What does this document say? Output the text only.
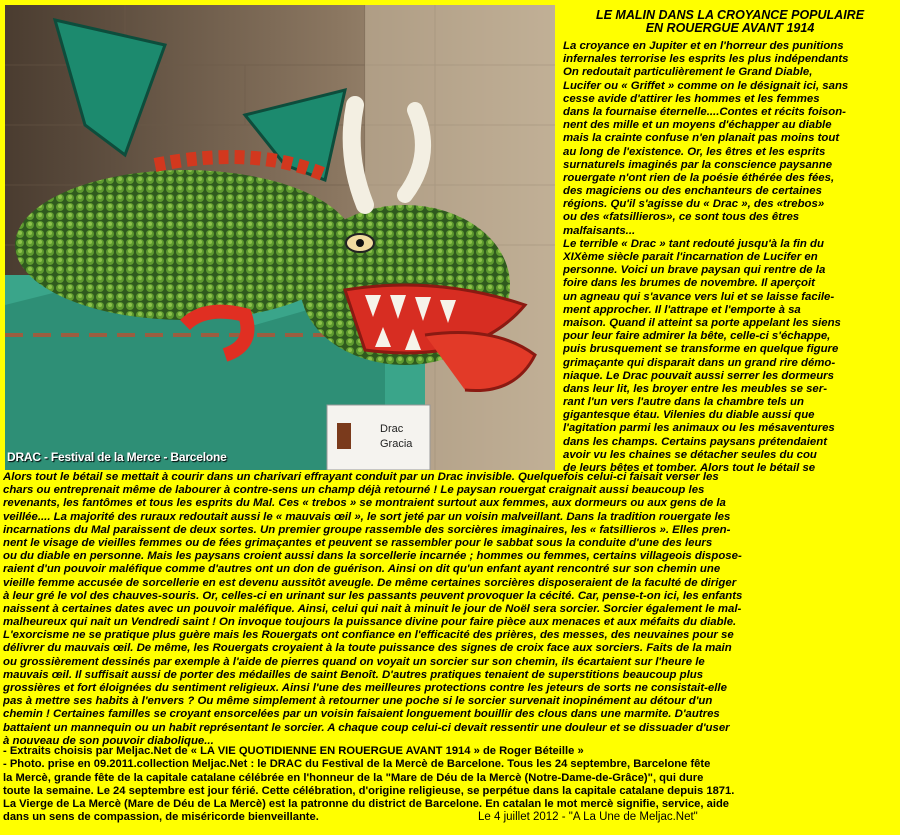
Drac
Gracia
DRAC - Festival de la Merce - Barcelone
LE MALIN DANS LA CROYANCE POPULAIRE
EN ROUERGUE AVANT 1914
La croyance en Jupiter et en l'horreur des punitions
infernales terrorise les esprits les plus indépendants
On redoutait particulièrement le Grand Diable,
Lucifer ou « Griffet » comme on le désignait ici, sans
cesse avide d'attirer les hommes et les femmes
dans la fournaise éternelle....Contes et récits foison-
nent des mille et un moyens d'échapper au diable
mais la crainte confuse n'en planait pas moins tout
au long de l'existence. Or, les êtres et les esprits
surnaturels imaginés par la conscience paysanne
rouergate n'ont rien de la poésie éthérée des fées,
des magiciens ou des enchanteurs de certaines
régions. Qu'il s'agisse du « Drac », des «trebos»
ou des «fatsillieros», ce sont tous des êtres
malfaisants...
Le terrible « Drac » tant redouté jusqu'à la fin du
XIXème siècle parait l'incarnation de Lucifer en
personne. Voici un brave paysan qui rentre de la
foire dans les brumes de novembre. Il aperçoit
un agneau qui s'avance vers lui et se laisse facile-
ment approcher. Il l'attrape et l'emporte à sa
maison. Quand il atteint sa porte appelant les siens
pour leur faire admirer la bête, celle-ci s'échappe,
puis brusquement se transforme en quelque figure
grimaçante qui disparait dans un grand rire démo-
niaque. Le Drac pouvait aussi serrer les dormeurs
dans leur lit, les broyer entre les meubles se ser-
rant l'un vers l'autre dans la chambre tels un
gigantesque étau. Vilenies du diable aussi que
l'agitation parmi les animaux ou les mésaventures
dans les champs. Certains paysans prétendaient
avoir vu les chaines se détacher seules du cou
de leurs bêtes et tomber. Alors tout le bétail se
Alors tout le bétail se mettait à courir dans un charivari effrayant conduit par un Drac invisible. Quelquefois celui-ci faisait verser les
chars ou entreprenait même de labourer à contre-sens un champ déjà retourné ! Le paysan rouergat craignait aussi beaucoup les
revenants, les fantômes et tous les esprits du Mal. Ces « trebos » se montraient surtout aux femmes, aux dormeurs ou aux gens de la
veillée.... La majorité des ruraux redoutait aussi le « mauvais œil », le sort jeté par un voisin malveillant. Dans la tradition rouergate les
incarnations du Mal paraissent de deux sortes. Un premier groupe rassemble des sorcières imaginaires, les « fatsillieros ». Elles pren-
nent le visage de vieilles femmes ou de fées grimaçantes et peuvent se rassembler pour le sabbat sous la conduite d'une des leurs
ou du diable en personne. Mais les paysans croient aussi dans la sorcellerie incarnée ; hommes ou femmes, certains villageois dispose-
raient d'un pouvoir maléfique comme d'autres ont un don de guérison. Ainsi on dit qu'un enfant ayant rencontré sur son chemin une
vieille femme accusée de sorcellerie en est devenu aussitôt aveugle. De même certaines sorcières disposeraient de la faculté de diriger
à leur gré le vol des chauves-souris. Or, celles-ci en urinant sur les passants peuvent provoquer la cécité. Car, pense-t-on ici, les enfants
naissent à certaines dates avec un pouvoir maléfique. Ainsi, celui qui nait à minuit le jour de Noël sera sorcier. Sorcier également le mal-
malheureux qui nait un Vendredi saint ! On invoque toujours la puissance divine pour faire pièce aux menaces et aux méfaits du diable.
L'exorcisme ne se pratique plus guère mais les Rouergats ont confiance en l'efficacité des prières, des messes, des neuvaines pour se
délivrer du mauvais œil. De même, les Rouergats croyaient à la toute puissance des signes de croix face aux sorciers. Faits de la main
ou grossièrement dessinés par exemple à l'aide de pierres quand on voyait un sorcier sur son chemin, ils écartaient sur l'heure le
mauvais œil. Il suffisait aussi de porter des médailles de saint Benoît. D'autres pratiques tenaient de superstitions beaucoup plus
grossières et fort éloignées du sentiment religieux. Ainsi l'une des meilleures protections contre les jeteurs de sorts ne consistait-elle
pas à mettre ses habits à l'envers ? Ou même simplement à retourner une poche si le sorcier survenait inopinément au détour d'un
chemin ! Certaines familles se croyant ensorcelées par un voisin faisaient longuement bouillir des clous dans une marmite. D'autres
battaient un mannequin ou un habit représentant le sorcier. A chaque coup celui-ci devait ressentir une douleur et se dissuader d'user
à nouveau de son pouvoir diabolique...
- Extraits choisis par Meljac.Net de « LA VIE QUOTIDIENNE EN ROUERGUE AVANT 1914 » de Roger Béteille »
- Photo. prise en 09.2011.collection Meljac.Net : le DRAC du Festival de la Mercè de Barcelone. Tous les 24 septembre, Barcelone fête
la Mercè, grande fête de la capitale catalane célébrée en l'honneur de la "Mare de Déu de la Mercè (Notre-Dame-de-Grâce)", qui dure
toute la semaine. Le 24 septembre est jour férié. Cette célébration, d'origine religieuse, se perpétue dans la capitale catalane depuis 1871.
La Vierge de La Mercè (Mare de Déu de La Mercè) est la patronne du district de Barcelone. En catalan le mot mercè signifie, service, aide
dans un sens de compassion, de miséricorde bienveillante.	Le 4 juillet 2012 - "A La Une de Meljac.Net"
